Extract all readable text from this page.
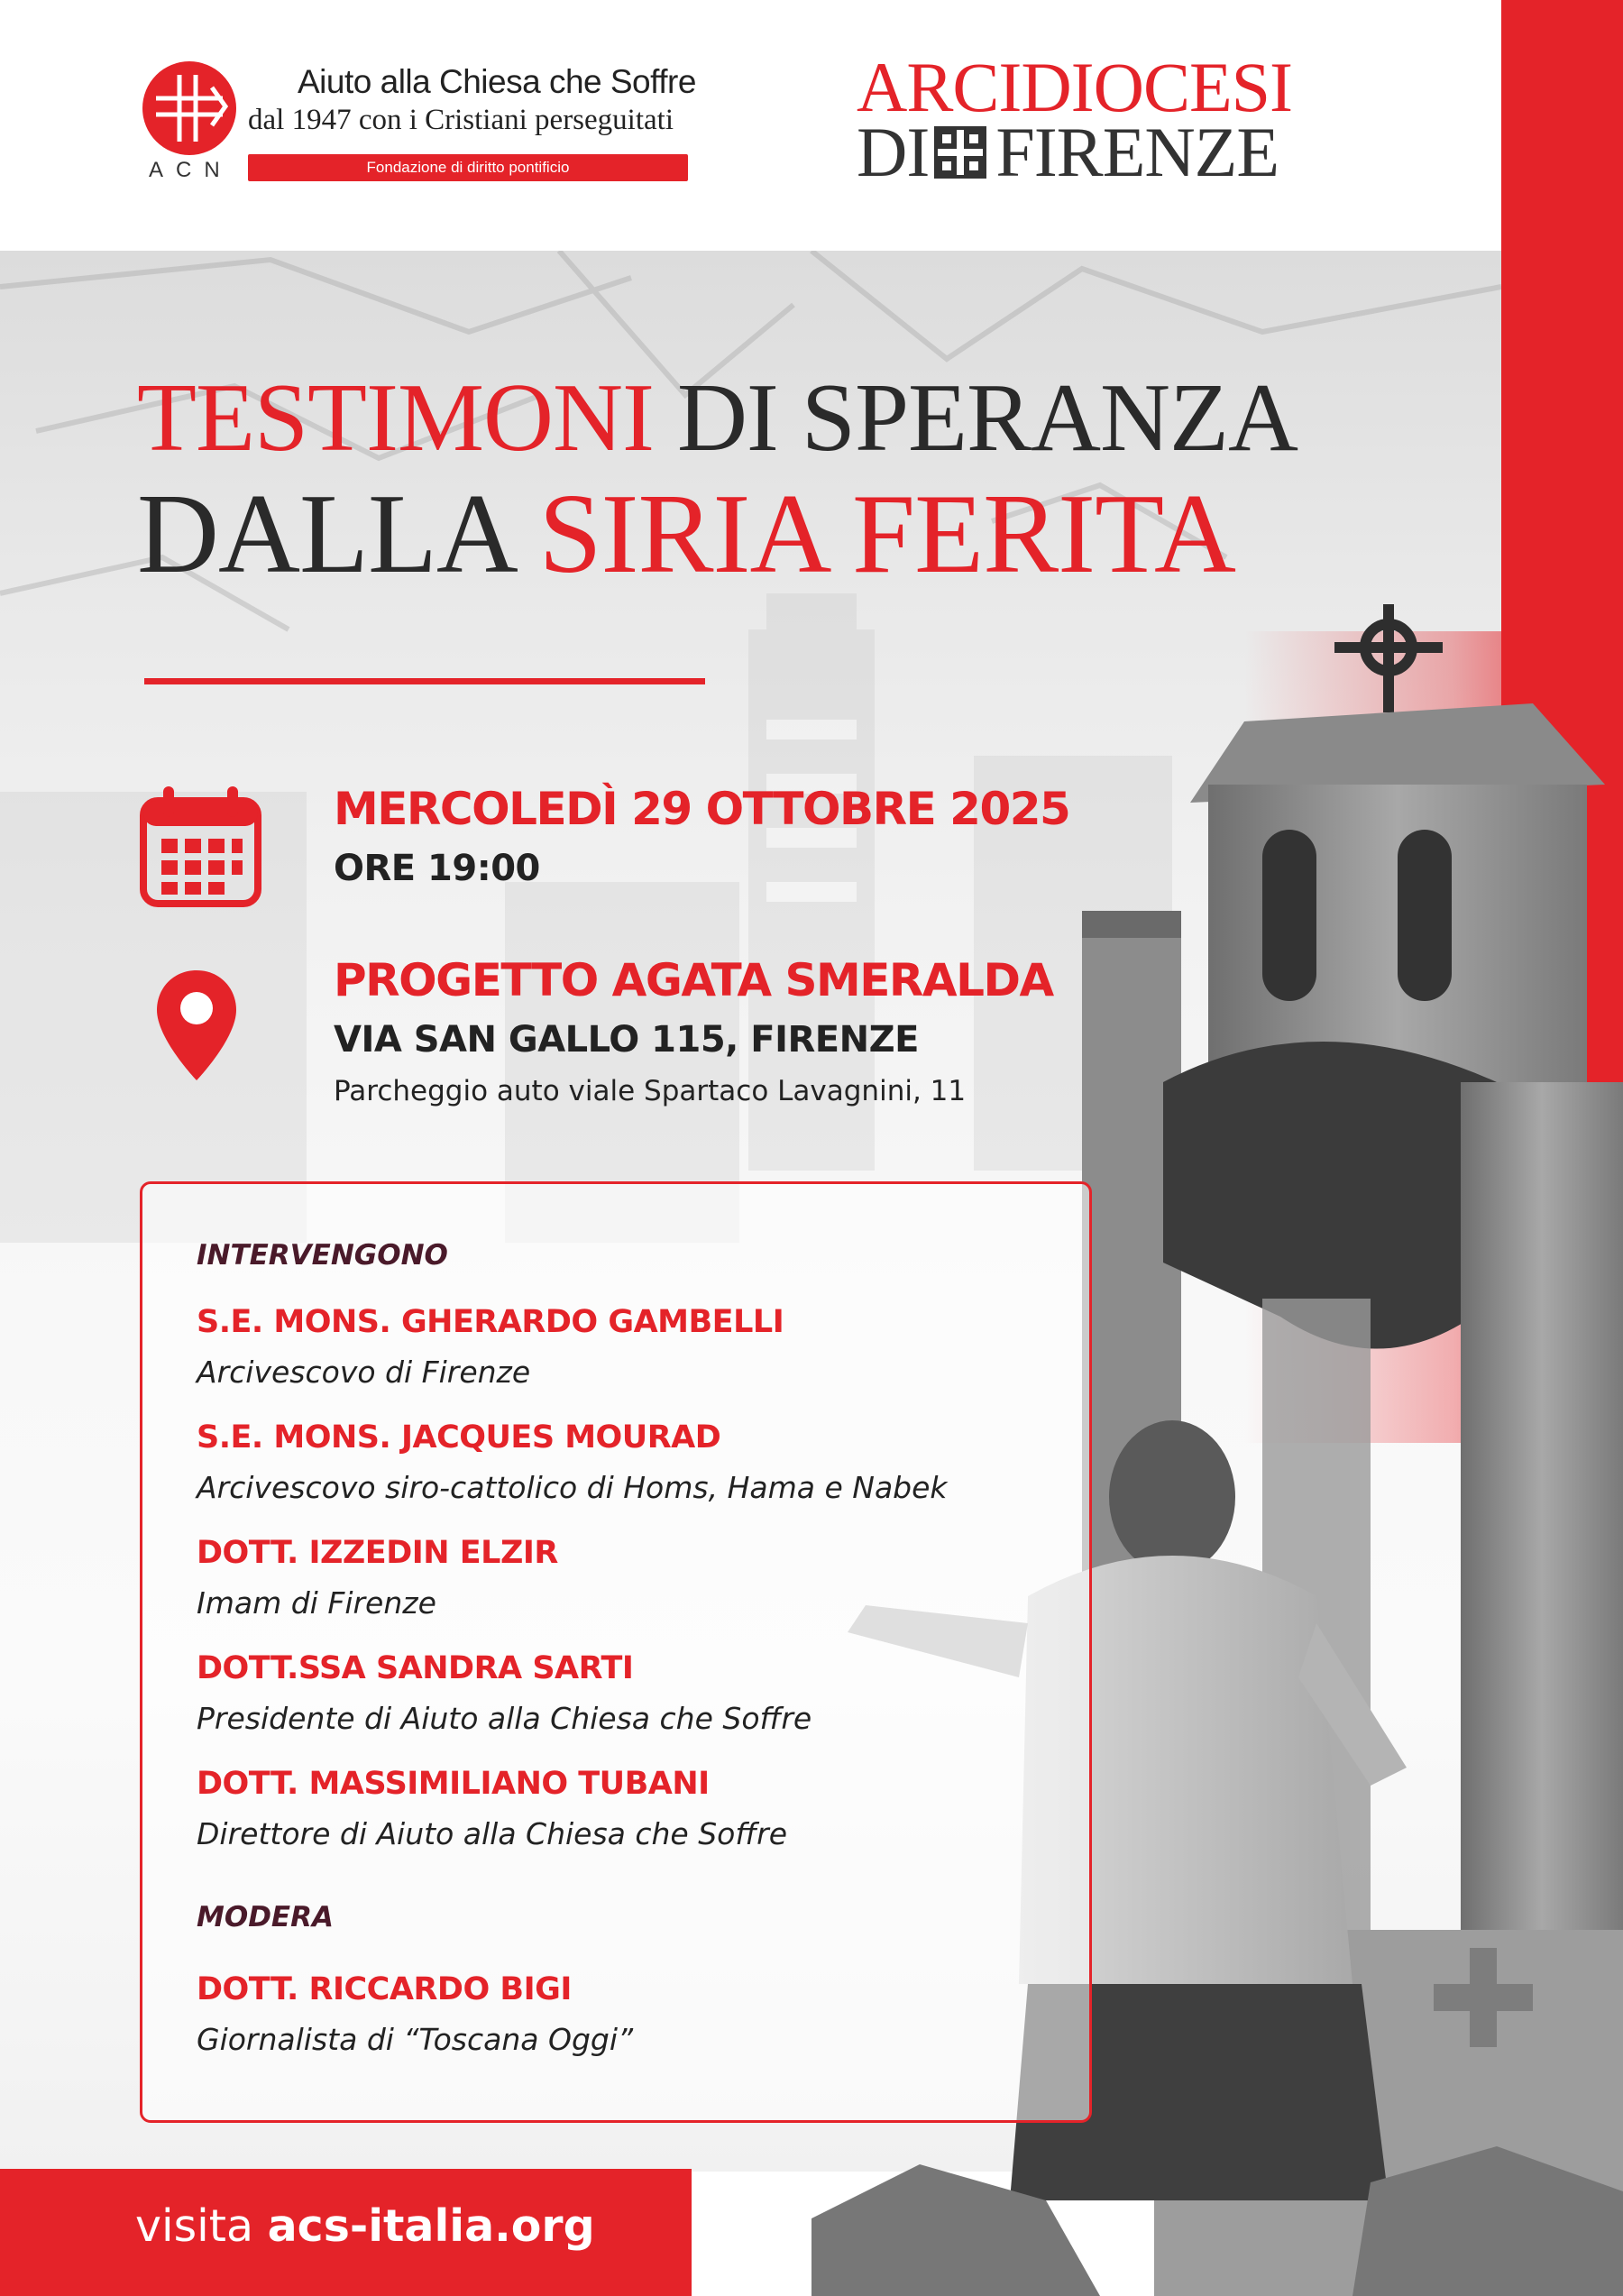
ACN
Aiuto alla Chiesa che Soffre
dal 1947 con i Cristiani perseguitati
Fondazione di diritto pontificio
ARCIDIOCESI
DI FIRENZE
TESTIMONI DI SPERANZA
DALLA SIRIA FERITA
MERCOLEDÌ 29 OTTOBRE 2025
ORE 19:00
PROGETTO AGATA SMERALDA
VIA SAN GALLO 115, FIRENZE
Parcheggio auto viale Spartaco Lavagnini, 11
INTERVENGONO
S.E. MONS. GHERARDO GAMBELLI
Arcivescovo di Firenze
S.E. MONS. JACQUES MOURAD
Arcivescovo siro-cattolico di Homs, Hama e Nabek
DOTT. IZZEDIN ELZIR
Imam di Firenze
DOTT.SSA SANDRA SARTI
Presidente di Aiuto alla Chiesa che Soffre
DOTT. MASSIMILIANO TUBANI
Direttore di Aiuto alla Chiesa che Soffre
MODERA
DOTT. RICCARDO BIGI
Giornalista di “Toscana Oggi”
visita acs-italia.org
